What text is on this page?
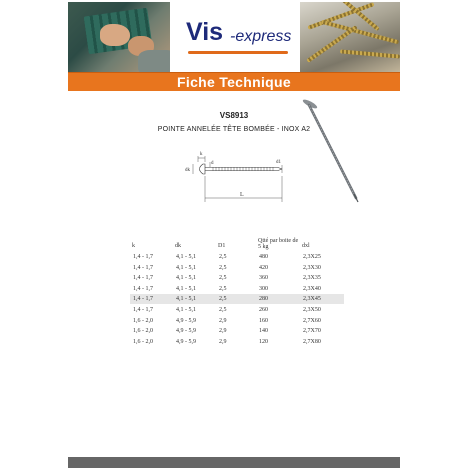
Vis -express
Fiche Technique
VS8913
POINTE ANNELÉE TÊTE BOMBÉE - INOX A2
k
dk
d	d1
L
k	dk	D1
Qtté par boite de
5 kg	dxl
1,4 - 1,7	4,1 - 5,1	2,5	480	2,3X25
1,4 - 1,7	4,1 - 5,1	2,5	420	2,3X30
1,4 - 1,7	4,1 - 5,1	2,5	360	2,3X35
1,4 - 1,7	4,1 - 5,1	2,5	300	2,3X40
1,4 - 1,7	4,1 - 5,1	2,5	280	2,3X45
1,4 - 1,7	4,1 - 5,1	2,5	260	2,3X50
1,6 - 2,0	4,9 - 5,9	2,9	160	2,7X60
1,6 - 2,0	4,9 - 5,9	2,9	140	2,7X70
1,6 - 2,0	4,9 - 5,9	2,9	120	2,7X80
